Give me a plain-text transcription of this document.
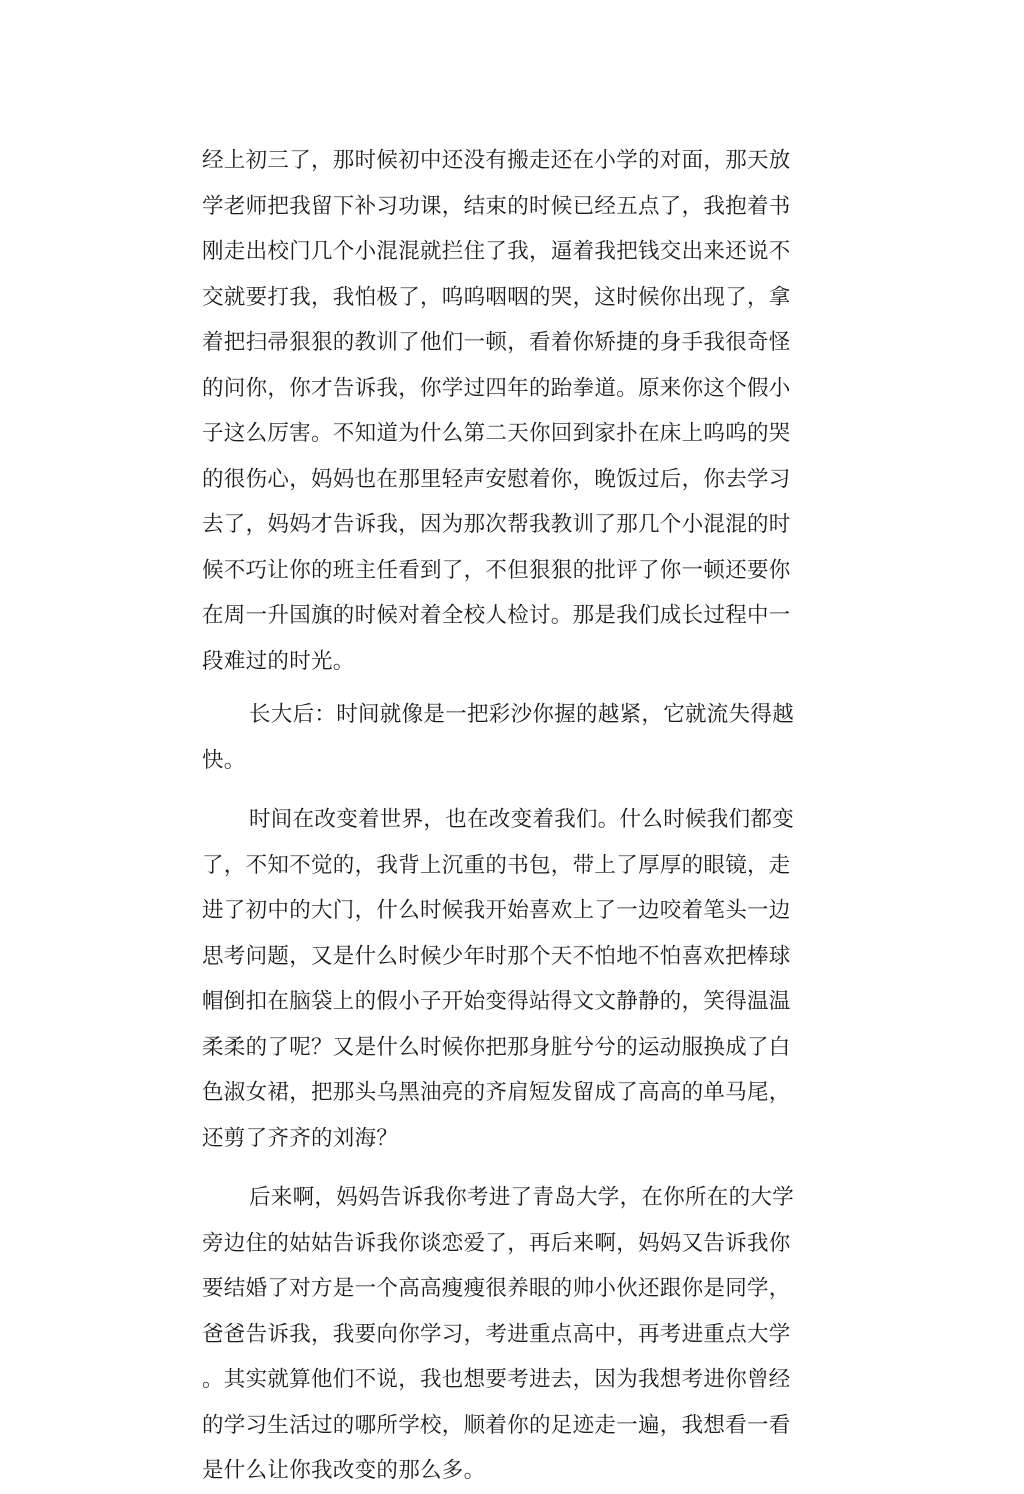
经上初三了，那时候初中还没有搬走还在小学的对面，那天放
学老师把我留下补习功课，结束的时候已经五点了，我抱着书
刚走出校门几个小混混就拦住了我，逼着我把钱交出来还说不
交就要打我，我怕极了，呜呜咽咽的哭，这时候你出现了，拿
着把扫帚狠狠的教训了他们一顿，看着你矫捷的身手我很奇怪
的问你，你才告诉我，你学过四年的跆拳道。原来你这个假小
子这么厉害。不知道为什么第二天你回到家扑在床上呜呜的哭
的很伤心，妈妈也在那里轻声安慰着你，晚饭过后，你去学习
去了，妈妈才告诉我，因为那次帮我教训了那几个小混混的时
候不巧让你的班主任看到了，不但狠狠的批评了你一顿还要你
在周一升国旗的时候对着全校人检讨。那是我们成长过程中一
段难过的时光。
长大后：时间就像是一把彩沙你握的越紧，它就流失得越
快。
时间在改变着世界，也在改变着我们。什么时候我们都变
了，不知不觉的，我背上沉重的书包，带上了厚厚的眼镜，走
进了初中的大门，什么时候我开始喜欢上了一边咬着笔头一边
思考问题，又是什么时候少年时那个天不怕地不怕喜欢把棒球
帽倒扣在脑袋上的假小子开始变得站得文文静静的，笑得温温
柔柔的了呢？又是什么时候你把那身脏兮兮的运动服换成了白
色淑女裙，把那头乌黑油亮的齐肩短发留成了高高的单马尾，
还剪了齐齐的刘海？
后来啊，妈妈告诉我你考进了青岛大学，在你所在的大学
旁边住的姑姑告诉我你谈恋爱了，再后来啊，妈妈又告诉我你
要结婚了对方是一个高高瘦瘦很养眼的帅小伙还跟你是同学，
爸爸告诉我，我要向你学习，考进重点高中，再考进重点大学
。其实就算他们不说，我也想要考进去，因为我想考进你曾经
的学习生活过的哪所学校，顺着你的足迹走一遍，我想看一看
是什么让你我改变的那么多。
